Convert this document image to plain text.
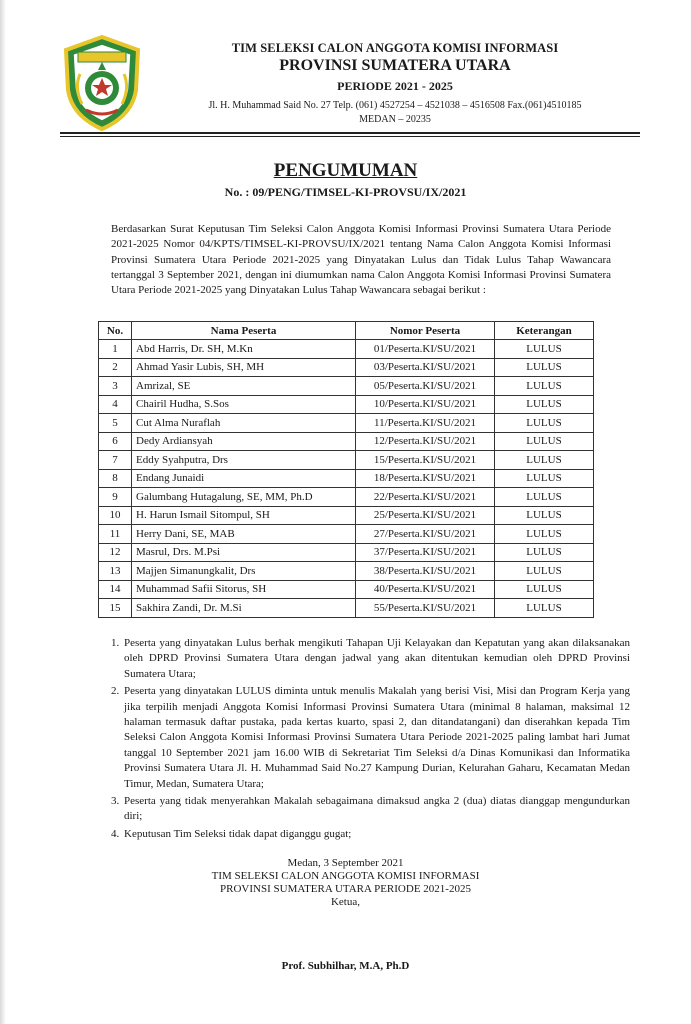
TIM SELEKSI CALON ANGGOTA KOMISI INFORMASI
PROVINSI SUMATERA UTARA
PERIODE 2021 - 2025
Jl. H. Muhammad Said No. 27 Telp. (061) 4527254 – 4521038 – 4516508 Fax.(061)4510185
MEDAN – 20235
PENGUMUMAN
No. : 09/PENG/TIMSEL-KI-PROVSU/IX/2021
Berdasarkan Surat Keputusan Tim Seleksi Calon Anggota Komisi Informasi Provinsi Sumatera Utara Periode 2021-2025 Nomor 04/KPTS/TIMSEL-KI-PROVSU/IX/2021 tentang Nama Calon Anggota Komisi Informasi Provinsi Sumatera Utara Periode 2021-2025 yang Dinyatakan Lulus dan Tidak Lulus Tahap Wawancara tertanggal 3 September 2021, dengan ini diumumkan nama Calon Anggota Komisi Informasi Provinsi Sumatera Utara Periode 2021-2025 yang Dinyatakan Lulus Tahap Wawancara sebagai berikut :
No.	Nama Peserta	Nomor Peserta	Keterangan
1	Abd Harris, Dr. SH, M.Kn	01/Peserta.KI/SU/2021	LULUS
2	Ahmad Yasir Lubis, SH, MH	03/Peserta.KI/SU/2021	LULUS
3	Amrizal, SE	05/Peserta.KI/SU/2021	LULUS
4	Chairil Hudha, S.Sos	10/Peserta.KI/SU/2021	LULUS
5	Cut Alma Nuraflah	11/Peserta.KI/SU/2021	LULUS
6	Dedy Ardiansyah	12/Peserta.KI/SU/2021	LULUS
7	Eddy Syahputra, Drs	15/Peserta.KI/SU/2021	LULUS
8	Endang Junaidi	18/Peserta.KI/SU/2021	LULUS
9	Galumbang Hutagalung, SE, MM, Ph.D	22/Peserta.KI/SU/2021	LULUS
10	H. Harun Ismail Sitompul, SH	25/Peserta.KI/SU/2021	LULUS
11	Herry Dani, SE, MAB	27/Peserta.KI/SU/2021	LULUS
12	Masrul, Drs. M.Psi	37/Peserta.KI/SU/2021	LULUS
13	Majjen Simanungkalit, Drs	38/Peserta.KI/SU/2021	LULUS
14	Muhammad Safii Sitorus, SH	40/Peserta.KI/SU/2021	LULUS
15	Sakhira Zandi, Dr. M.Si	55/Peserta.KI/SU/2021	LULUS
1. Peserta yang dinyatakan Lulus berhak mengikuti Tahapan Uji Kelayakan dan Kepatutan yang akan dilaksanakan oleh DPRD Provinsi Sumatera Utara dengan jadwal yang akan ditentukan kemudian oleh DPRD Provinsi Sumatera Utara;
2. Peserta yang dinyatakan LULUS diminta untuk menulis Makalah yang berisi Visi, Misi dan Program Kerja yang jika terpilih menjadi Anggota Komisi Informasi Provinsi Sumatera Utara (minimal 8 halaman, maksimal 12 halaman termasuk daftar pustaka, pada kertas kuarto, spasi 2, dan ditandatangani) dan diserahkan kepada Tim Seleksi Calon Anggota Komisi Informasi Provinsi Sumatera Utara Periode 2021-2025 paling lambat hari Jumat tanggal 10 September 2021 jam 16.00 WIB di Sekretariat Tim Seleksi d/a Dinas Komunikasi dan Informatika Provinsi Sumatera Utara Jl. H. Muhammad Said No.27 Kampung Durian, Kelurahan Gaharu, Kecamatan Medan Timur, Medan, Sumatera Utara;
3. Peserta yang tidak menyerahkan Makalah sebagaimana dimaksud angka 2 (dua) diatas dianggap mengundurkan diri;
4. Keputusan Tim Seleksi tidak dapat diganggu gugat;
Medan, 3 September 2021
TIM SELEKSI CALON ANGGOTA KOMISI INFORMASI
PROVINSI SUMATERA UTARA PERIODE 2021-2025
Ketua,
Prof. Subhilhar, M.A, Ph.D
